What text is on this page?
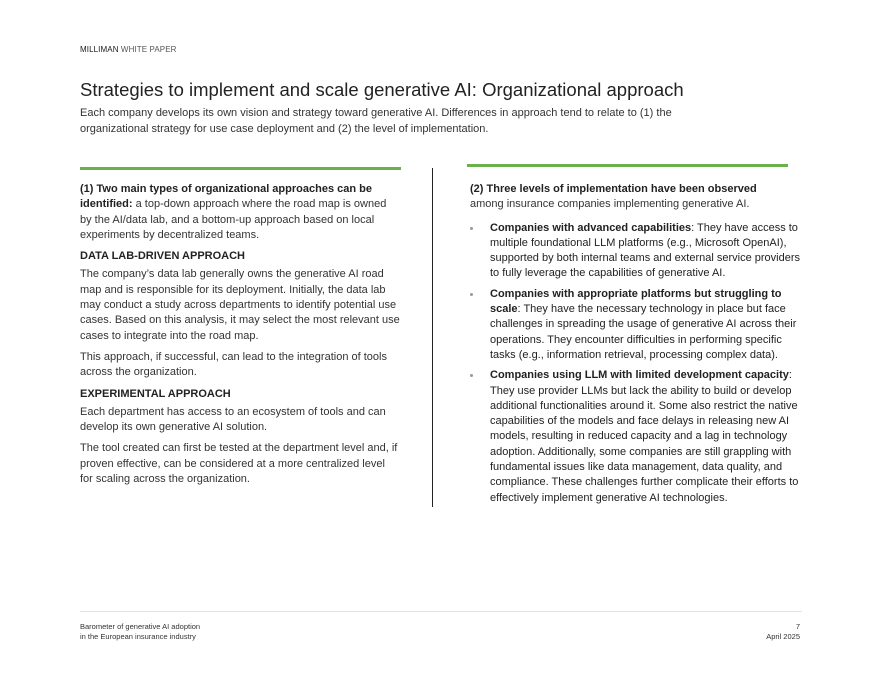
MILLIMAN WHITE PAPER
Strategies to implement and scale generative AI: Organizational approach

Each company develops its own vision and strategy toward generative AI. Differences in approach tend to relate to (1) the organizational strategy for use case deployment and (2) the level of implementation.

(1) Two main types of organizational approaches can be identified: a top-down approach where the road map is owned by the AI/data lab, and a bottom-up approach based on local experiments by decentralized teams.

DATA LAB-DRIVEN APPROACH

The company’s data lab generally owns the generative AI road map and is responsible for its deployment. Initially, the data lab may conduct a study across departments to identify potential use cases. Based on this analysis, it may select the most relevant use cases to integrate into the road map.

This approach, if successful, can lead to the integration of tools across the organization.

EXPERIMENTAL APPROACH

Each department has access to an ecosystem of tools and can develop its own generative AI solution.

The tool created can first be tested at the department level and, if proven effective, can be considered at a more centralized level for scaling across the organization.

(2) Three levels of implementation have been observed
among insurance companies implementing generative AI.

Companies with advanced capabilities: They have access to multiple foundational LLM platforms (e.g., Microsoft OpenAI), supported by both internal teams and external service providers to fully leverage the capabilities of generative AI.
Companies with appropriate platforms but struggling to scale: They have the necessary technology in place but face challenges in spreading the usage of generative AI across their operations. They encounter difficulties in performing specific tasks (e.g., information retrieval, processing complex data).
Companies using LLM with limited development capacity: They use provider LLMs but lack the ability to build or develop additional functionalities around it. Some also restrict the native capabilities of the models and face delays in releasing new AI models, resulting in reduced capacity and a lag in technology adoption. Additionally, some companies are still grappling with fundamental issues like data management, data quality, and compliance. These challenges further complicate their efforts to effectively implement generative AI technologies.
Barometer of generative AI adoption
in the European insurance industry
7
April 2025
